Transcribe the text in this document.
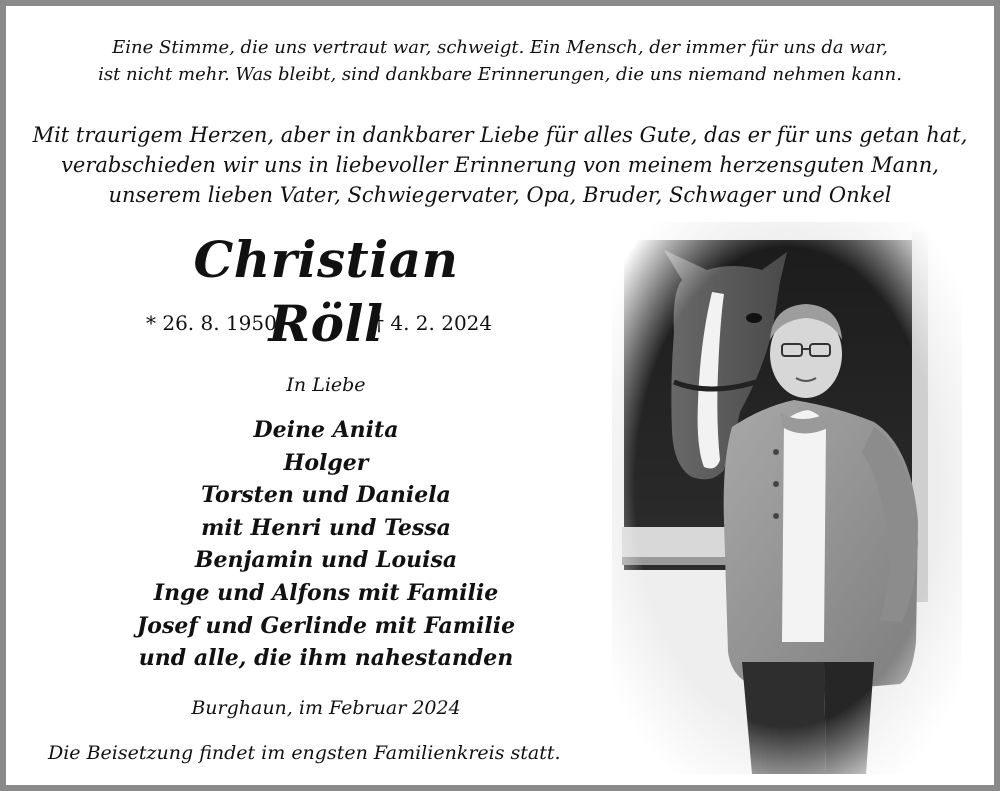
Eine Stimme, die uns vertraut war, schweigt. Ein Mensch, der immer für uns da war,
ist nicht mehr. Was bleibt, sind dankbare Erinnerungen, die uns niemand nehmen kann.
Mit traurigem Herzen, aber in dankbarer Liebe für alles Gute, das er für uns getan hat,
verabschieden wir uns in liebevoller Erinnerung von meinem herzensguten Mann,
unserem lieben Vater, Schwiegervater, Opa, Bruder, Schwager und Onkel
Christian Röll
* 26. 8. 1950	† 4. 2. 2024
In Liebe
Deine Anita
Holger
Torsten und Daniela
mit Henri und Tessa
Benjamin und Louisa
Inge und Alfons mit Familie
Josef und Gerlinde mit Familie
und alle, die ihm nahestanden
Burghaun, im Februar 2024
Die Beisetzung findet im engsten Familienkreis statt.
